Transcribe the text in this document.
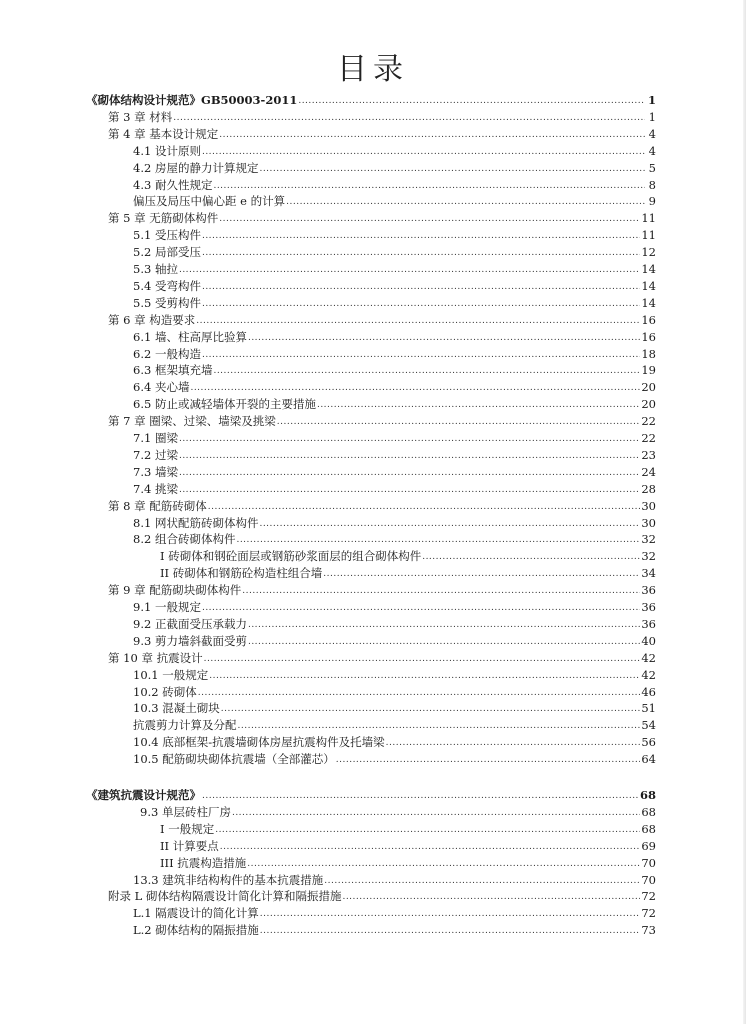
目录
《砌体结构设计规范》GB50003-2011 .....	1
第 3 章 材料 .....	1
第 4 章 基本设计规定 .....	4
4.1 设计原则 .....	4
4.2 房屋的静力计算规定 .....	5
4.3 耐久性规定 .....	8
偏压及局压中偏心距 e 的计算 .....	9
第 5 章 无筋砌体构件 .....	11
5.1 受压构件 .....	11
5.2 局部受压 .....	12
5.3 轴拉 .....	14
5.4 受弯构件 .....	14
5.5 受剪构件 .....	14
第 6 章 构造要求 .....	16
6.1 墙、柱高厚比验算 .....	16
6.2 一般构造 .....	18
6.3 框架填充墙 .....	19
6.4 夹心墙 .....	20
6.5 防止或减轻墙体开裂的主要措施 .....	20
第 7 章 圈梁、过梁、墙梁及挑梁 .....	22
7.1 圈梁 .....	22
7.2 过梁 .....	23
7.3 墙梁 .....	24
7.4 挑梁 .....	28
第 8 章 配筋砖砌体 .....	30
8.1 网状配筋砖砌体构件 .....	30
8.2 组合砖砌体构件 .....	32
I 砖砌体和钢砼面层或钢筋砂浆面层的组合砌体构件 .....	32
II 砖砌体和钢筋砼构造柱组合墙 .....	34
第 9 章 配筋砌块砌体构件 .....	36
9.1 一般规定 .....	36
9.2 正截面受压承载力 .....	36
9.3 剪力墙斜截面受剪 .....	40
第 10 章 抗震设计 .....	42
10.1 一般规定 .....	42
10.2 砖砌体 .....	46
10.3 混凝土砌块 .....	51
抗震剪力计算及分配 .....	54
10.4 底部框架-抗震墙砌体房屋抗震构件及托墙梁 .....	56
10.5 配筋砌块砌体抗震墙（全部灌芯） .....	64
《建筑抗震设计规范》 .....	68
9.3 单层砖柱厂房 .....	68
I 一般规定 .....	68
II 计算要点 .....	69
III 抗震构造措施 .....	70
13.3 建筑非结构构件的基本抗震措施 .....	70
附录 L 砌体结构隔震设计简化计算和隔振措施 .....	72
L.1 隔震设计的简化计算 .....	72
L.2 砌体结构的隔振措施 .....	73
